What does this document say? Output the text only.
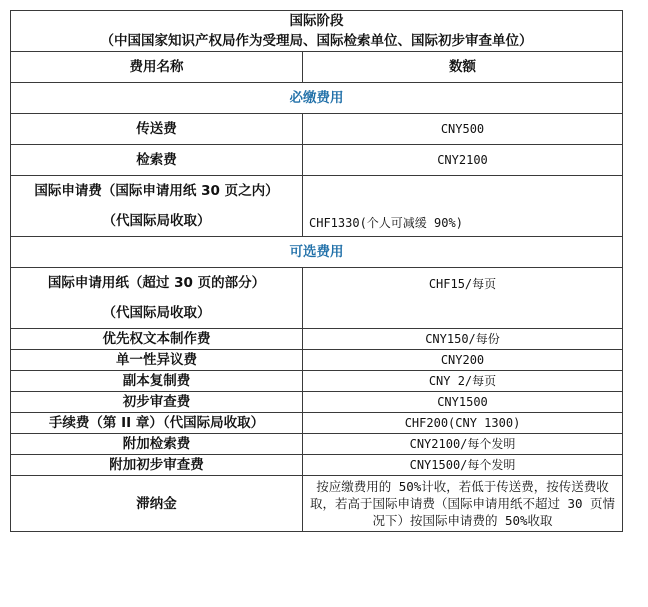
国际阶段
（中国国家知识产权局作为受理局、国际检索单位、国际初步审查单位）	

费用名称	数额
必缴费用	
传送费	CNY500
检索费	CNY2100

国际申请费（国际申请用纸 30 页之内）
（代国际局收取）	CHF1330(个人可减缓 90%)
可选费用	

国际申请用纸（超过 30 页的部分）
（代国际局收取）	CHF15/每页
优先权文本制作费	CNY150/每份
单一性异议费	CNY200
副本复制费	CNY 2/每页
初步审查费	CNY1500
手续费（第 II 章）（代国际局收取）	CHF200(CNY 1300)
附加检索费	CNY2100/每个发明
附加初步审查费	CNY1500/每个发明
滞纳金	按应缴费用的 50%计收，若低于传送费，按传送费收取，若高于国际申请费（国际申请用纸不超过 30 页情况下）按国际申请费的 50%收取
